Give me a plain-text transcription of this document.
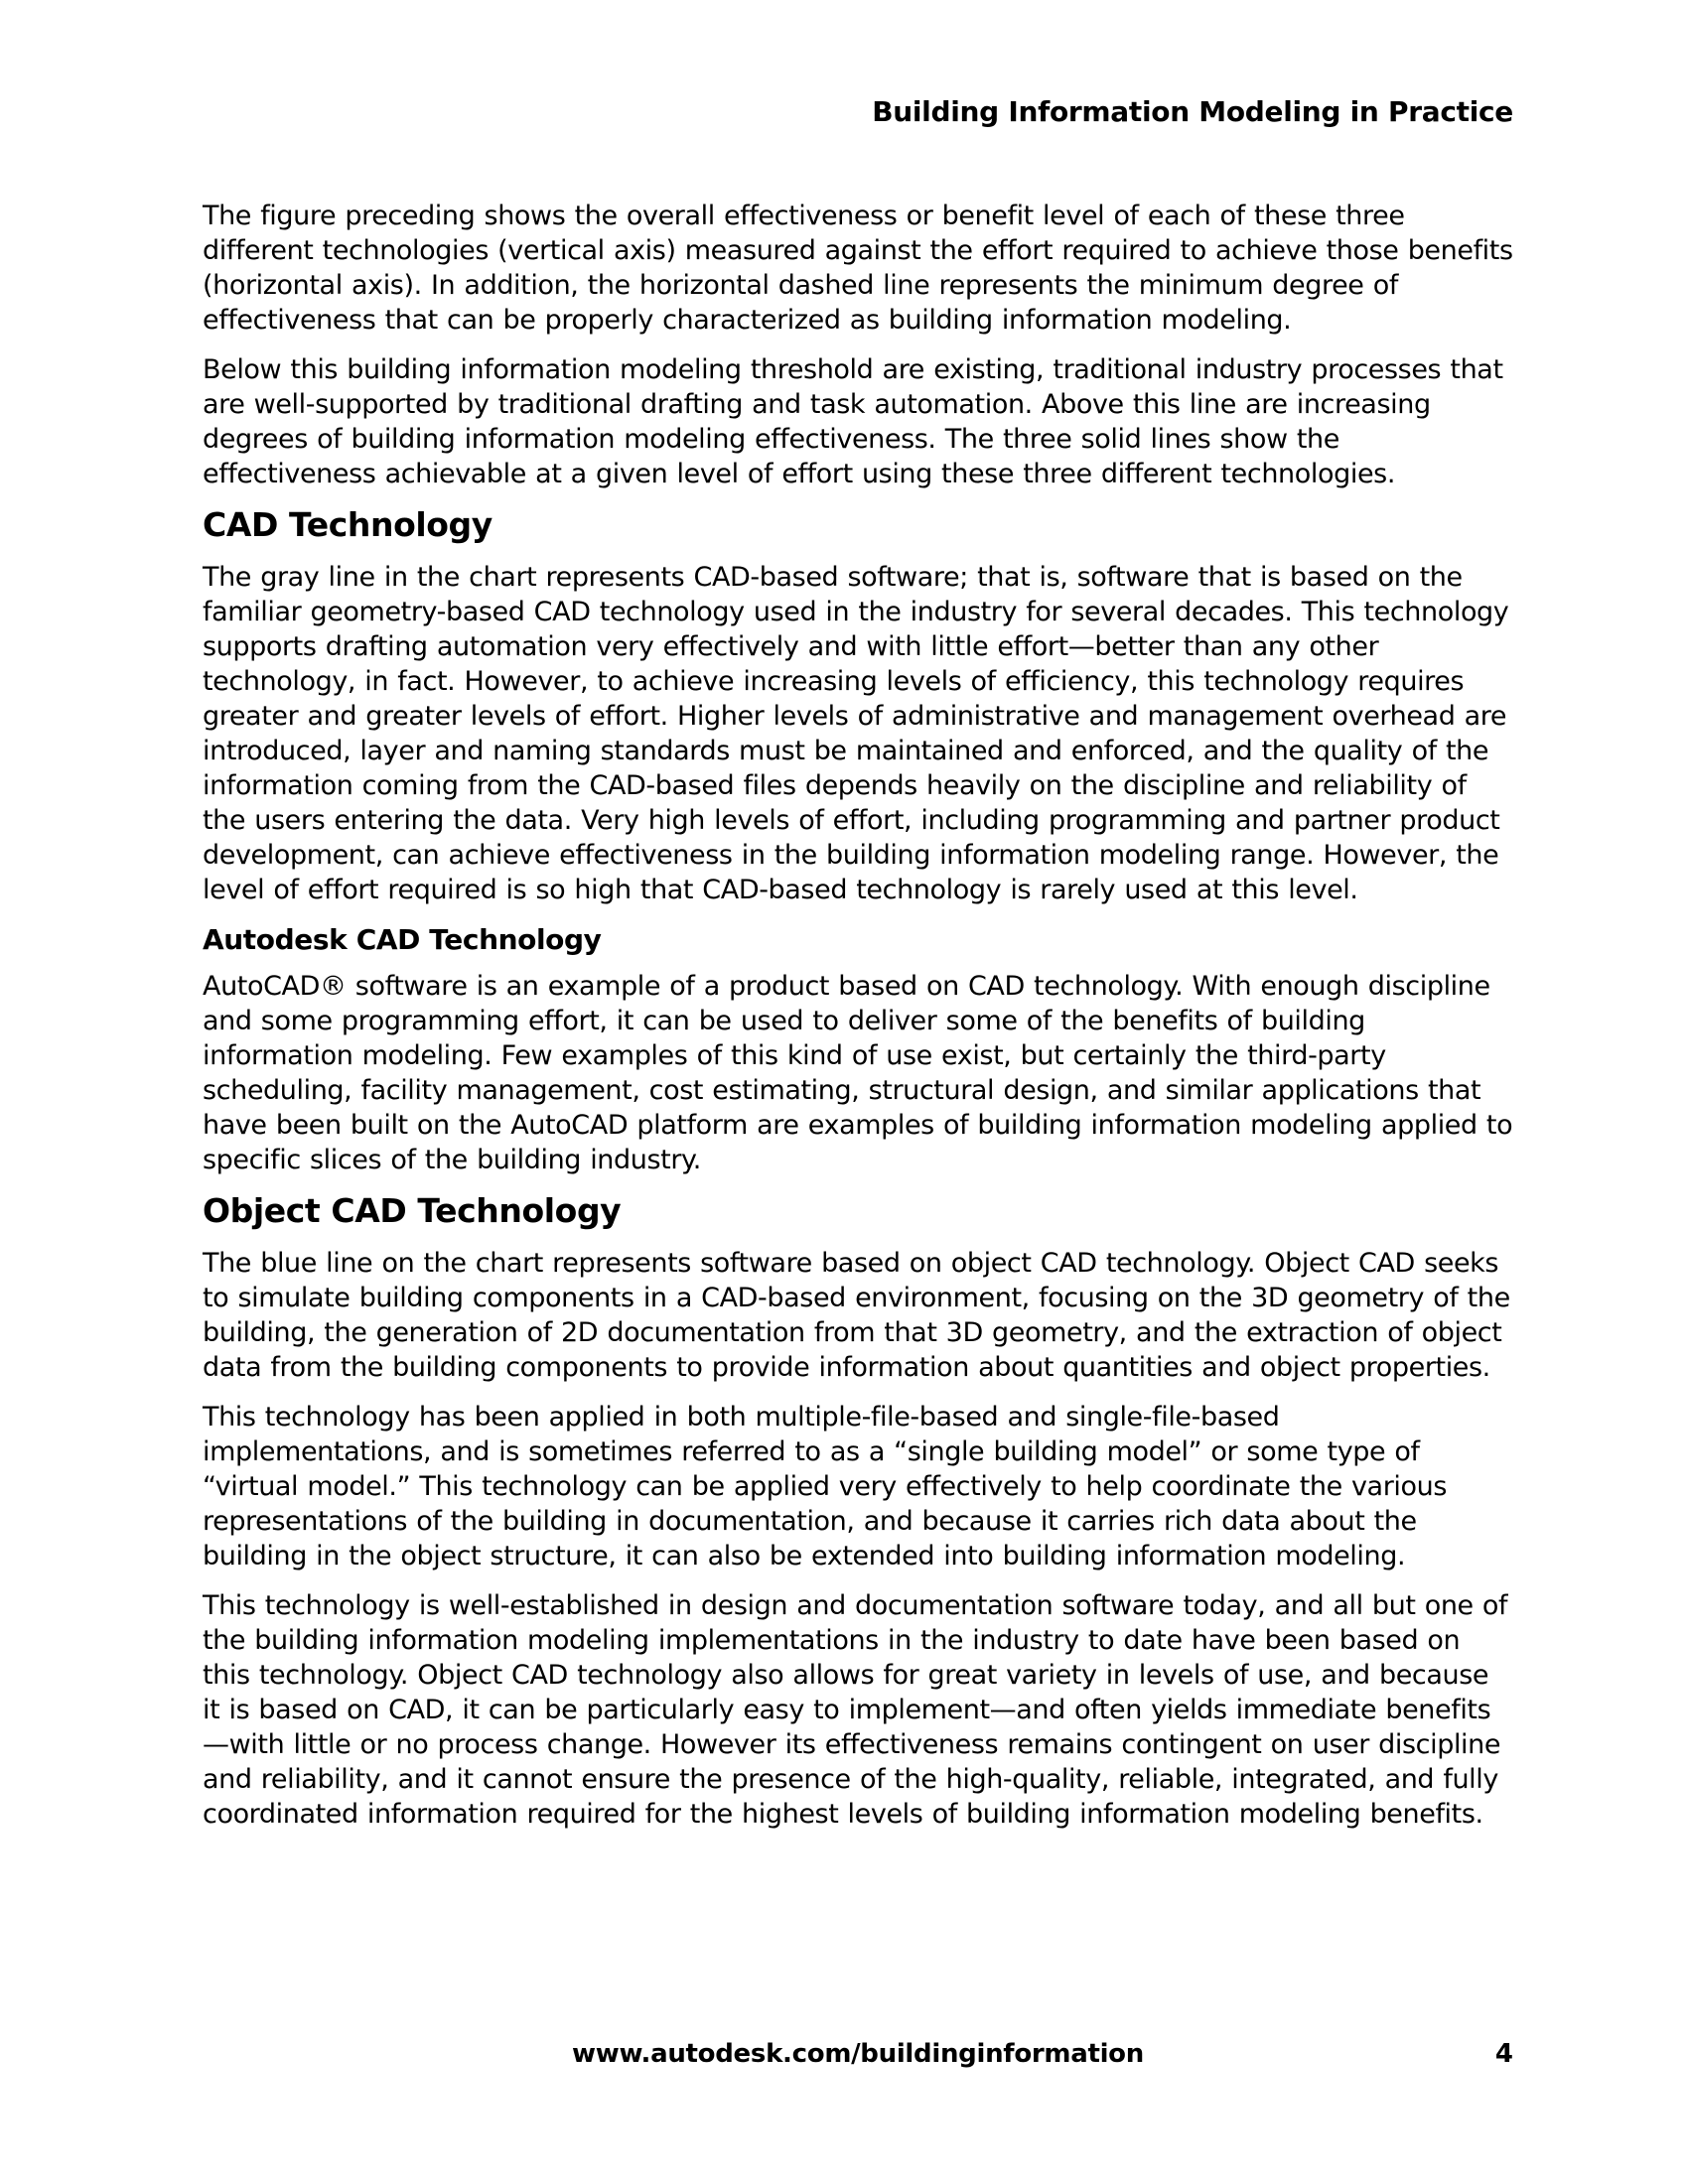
Building Information Modeling in Practice
The figure preceding shows the overall effectiveness or benefit level of each of these three different technologies (vertical axis) measured against the effort required to achieve those benefits (horizontal axis). In addition, the horizontal dashed line represents the minimum degree of effectiveness that can be properly characterized as building information modeling.
Below this building information modeling threshold are existing, traditional industry processes that are well-supported by traditional drafting and task automation. Above this line are increasing degrees of building information modeling effectiveness. The three solid lines show the effectiveness achievable at a given level of effort using these three different technologies.
CAD Technology
The gray line in the chart represents CAD-based software; that is, software that is based on the familiar geometry-based CAD technology used in the industry for several decades. This technology supports drafting automation very effectively and with little effort—better than any other technology, in fact. However, to achieve increasing levels of efficiency, this technology requires greater and greater levels of effort. Higher levels of administrative and management overhead are introduced, layer and naming standards must be maintained and enforced, and the quality of the information coming from the CAD-based files depends heavily on the discipline and reliability of the users entering the data. Very high levels of effort, including programming and partner product development, can achieve effectiveness in the building information modeling range. However, the level of effort required is so high that CAD-based technology is rarely used at this level.
Autodesk CAD Technology
AutoCAD® software is an example of a product based on CAD technology. With enough discipline and some programming effort, it can be used to deliver some of the benefits of building information modeling. Few examples of this kind of use exist, but certainly the third-party scheduling, facility management, cost estimating, structural design, and similar applications that have been built on the AutoCAD platform are examples of building information modeling applied to specific slices of the building industry.
Object CAD Technology
The blue line on the chart represents software based on object CAD technology. Object CAD seeks to simulate building components in a CAD-based environment, focusing on the 3D geometry of the building, the generation of 2D documentation from that 3D geometry, and the extraction of object data from the building components to provide information about quantities and object properties.
This technology has been applied in both multiple-file-based and single-file-based implementations, and is sometimes referred to as a “single building model” or some type of “virtual model.” This technology can be applied very effectively to help coordinate the various representations of the building in documentation, and because it carries rich data about the building in the object structure, it can also be extended into building information modeling.
This technology is well-established in design and documentation software today, and all but one of the building information modeling implementations in the industry to date have been based on this technology. Object CAD technology also allows for great variety in levels of use, and because it is based on CAD, it can be particularly easy to implement—and often yields immediate benefits—with little or no process change. However its effectiveness remains contingent on user discipline and reliability, and it cannot ensure the presence of the high-quality, reliable, integrated, and fully coordinated information required for the highest levels of building information modeling benefits.
www.autodesk.com/buildinginformation	4
